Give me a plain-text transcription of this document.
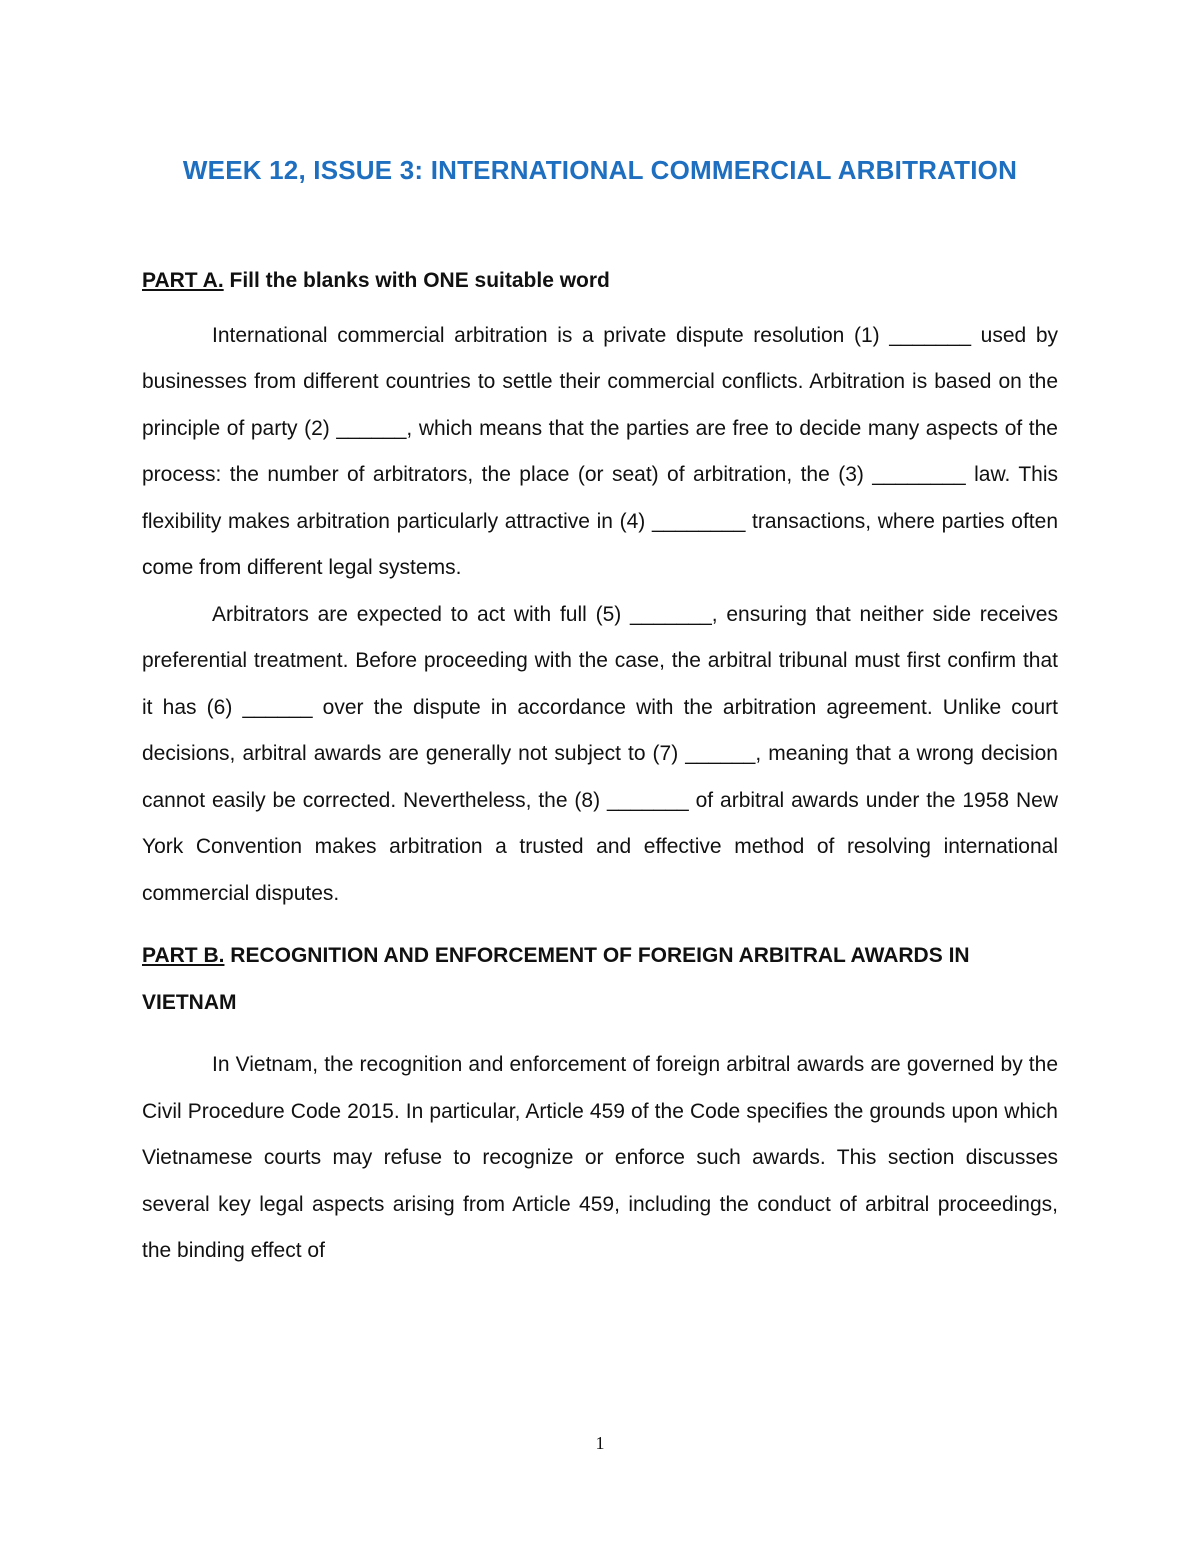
WEEK 12, ISSUE 3: INTERNATIONAL COMMERCIAL ARBITRATION

PART A. Fill the blanks with ONE suitable word

International commercial arbitration is a private dispute resolution (1) _______ used by businesses from different countries to settle their commercial conflicts. Arbitration is based on the principle of party (2) ______, which means that the parties are free to decide many aspects of the process: the number of arbitrators, the place (or seat) of arbitration, the (3) ________ law. This flexibility makes arbitration particularly attractive in (4) ________ transactions, where parties often come from different legal systems.

Arbitrators are expected to act with full (5) _______, ensuring that neither side receives preferential treatment. Before proceeding with the case, the arbitral tribunal must first confirm that it has (6) ______ over the dispute in accordance with the arbitration agreement. Unlike court decisions, arbitral awards are generally not subject to (7) ______, meaning that a wrong decision cannot easily be corrected. Nevertheless, the (8) _______ of arbitral awards under the 1958 New York Convention makes arbitration a trusted and effective method of resolving international commercial disputes.

PART B. RECOGNITION AND ENFORCEMENT OF FOREIGN ARBITRAL AWARDS IN VIETNAM

In Vietnam, the recognition and enforcement of foreign arbitral awards are governed by the Civil Procedure Code 2015. In particular, Article 459 of the Code specifies the grounds upon which Vietnamese courts may refuse to recognize or enforce such awards. This section discusses several key legal aspects arising from Article 459, including the conduct of arbitral proceedings, the binding effect of

1
